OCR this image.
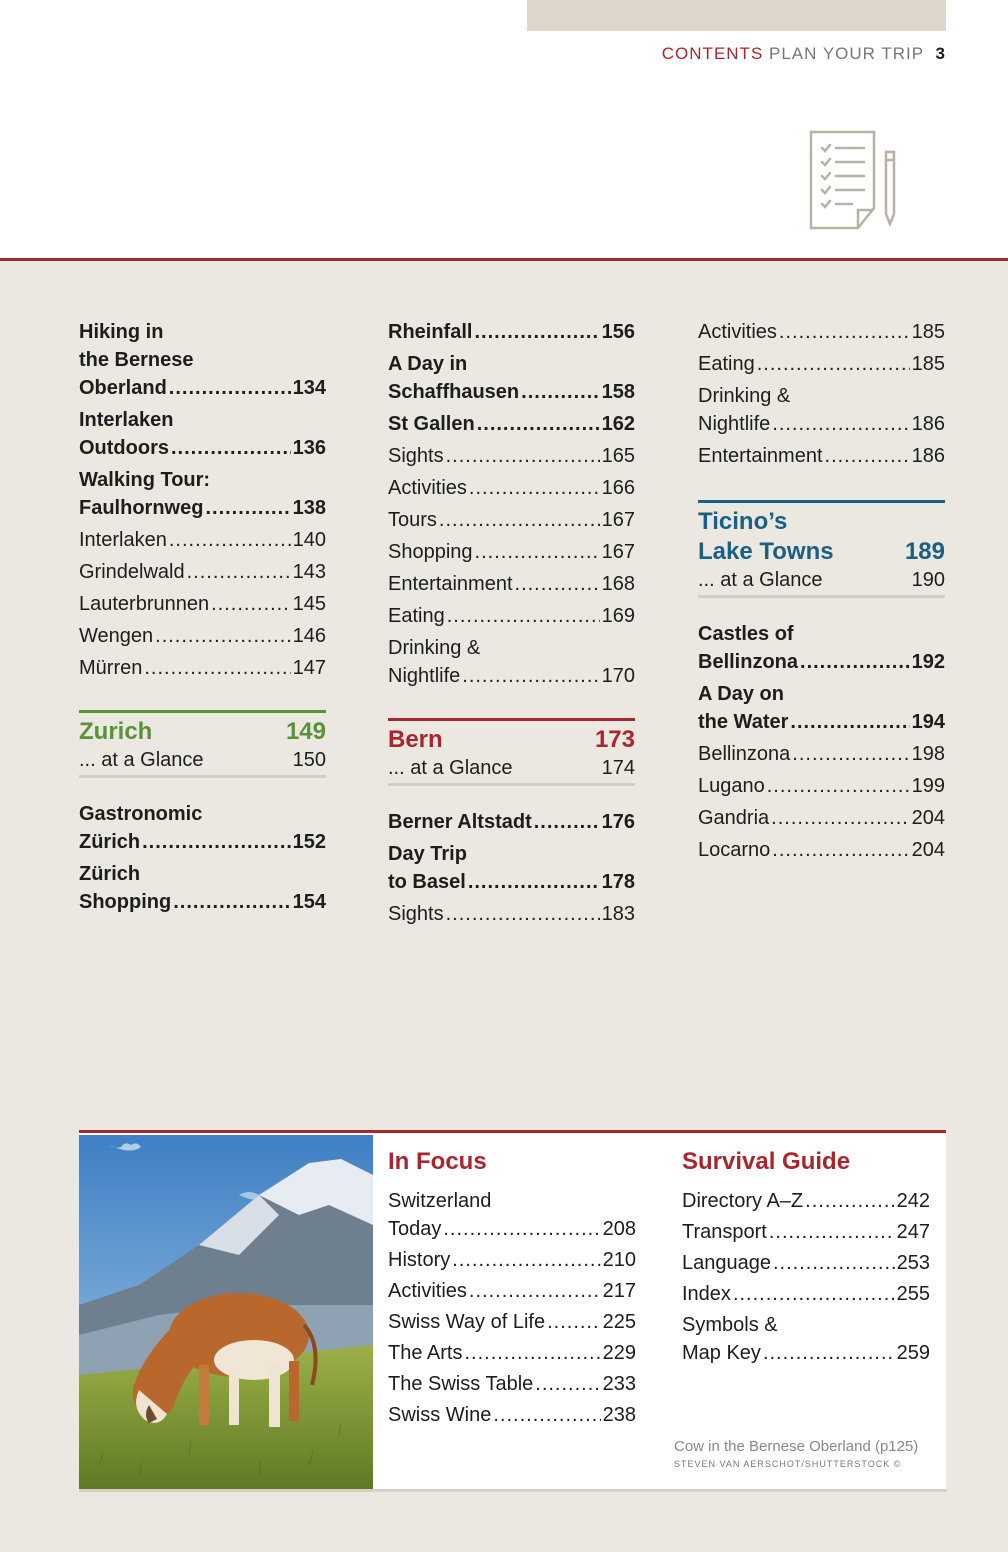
CONTENTS PLAN YOUR TRIP 3
Hiking in
the Bernese
Oberland .....	134
Interlaken
Outdoors .....	136
Walking Tour:
Faulhornweg .....	138
Interlaken .....	140
Grindelwald .....	143
Lauterbrunnen .....	145
Wengen .....	146
Mürren .....	147
Zurich	149
... at a Glance	150
Gastronomic
Zürich .....	152
Zürich
Shopping .....	154
Rheinfall .....	156
A Day in
Schaffhausen .....	158
St Gallen .....	162
Sights .....	165
Activities .....	166
Tours .....	167
Shopping .....	167
Entertainment .....	168
Eating .....	169
Drinking &
Nightlife .....	170
Bern	173
... at a Glance	174
Berner Altstadt .....	176
Day Trip
to Basel .....	178
Sights .....	183
Activities .....	185
Eating .....	185
Drinking &
Nightlife .....	186
Entertainment .....	186
Ticino’s
Lake Towns	189
... at a Glance	190
Castles of
Bellinzona .....	192
A Day on
the Water .....	194
Bellinzona .....	198
Lugano .....	199
Gandria .....	204
Locarno .....	204
In Focus
Switzerland
Today .....	208
History .....	210
Activities .....	217
Swiss Way of Life .....	225
The Arts .....	229
The Swiss Table .....	233
Swiss Wine .....	238
Survival Guide
Directory A–Z .....	242
Transport .....	247
Language .....	253
Index .....	255
Symbols &
Map Key .....	259
Cow in the Bernese Oberland (p125)
STEVEN VAN AERSCHOT/SHUTTERSTOCK ©
